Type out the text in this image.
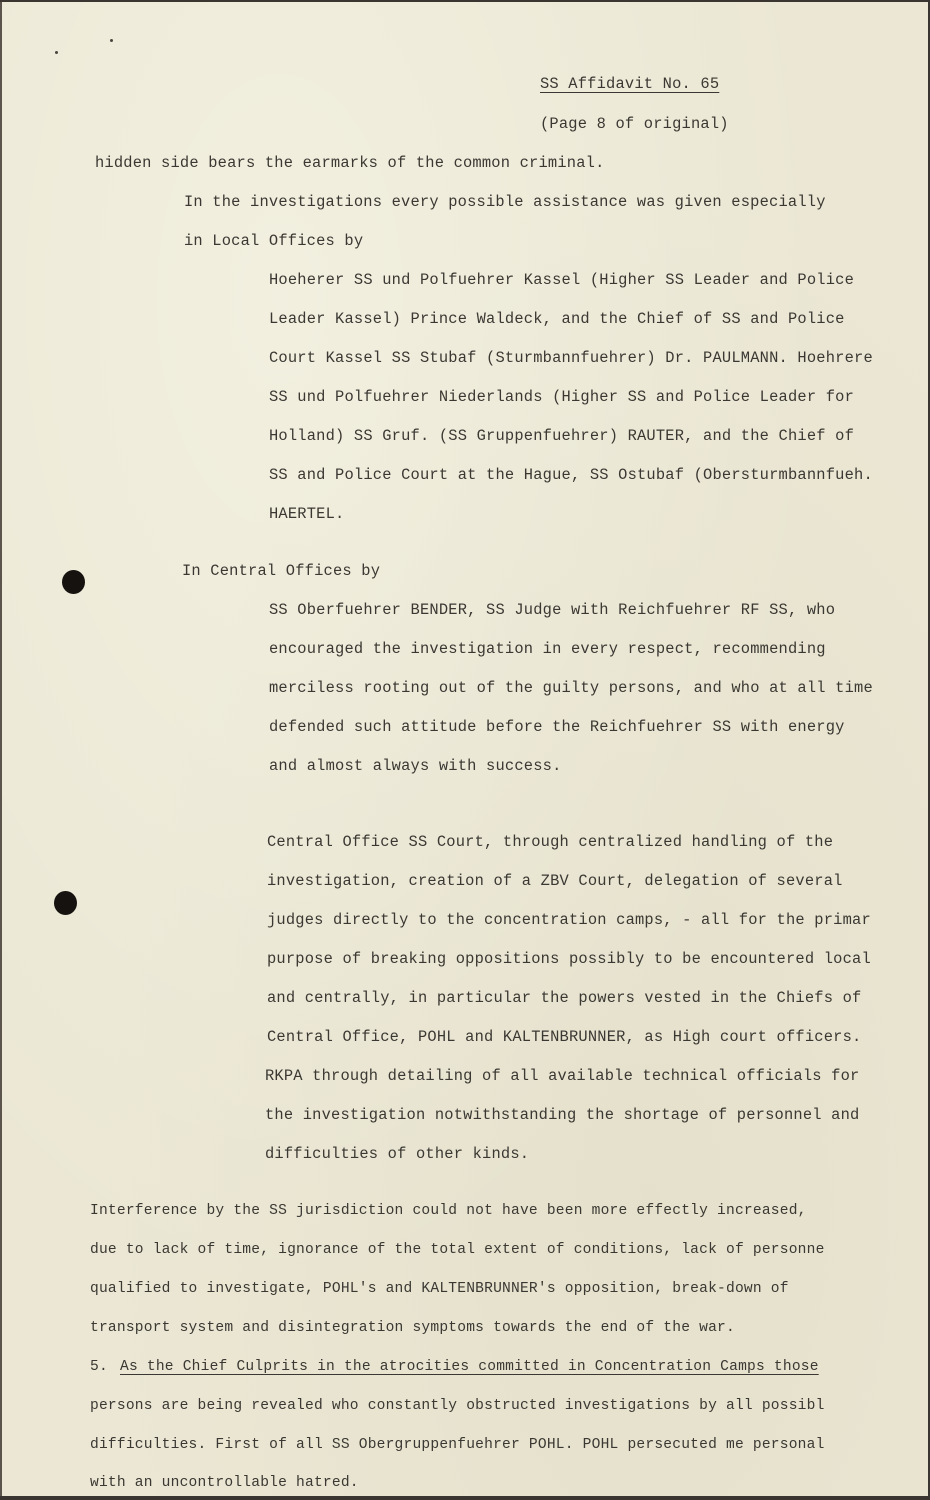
SS Affidavit No. 65
(Page 8 of original)
hidden side bears the earmarks of the common criminal.
In the investigations every possible assistance was given especially
in Local Offices by
Hoeherer SS und Polfuehrer Kassel (Higher SS Leader and Police
Leader Kassel) Prince Waldeck, and the Chief of SS and Police
Court Kassel SS Stubaf (Sturmbannfuehrer) Dr. PAULMANN. Hoehrere
SS und Polfuehrer Niederlands (Higher SS and Police Leader for
Holland) SS Gruf. (SS Gruppenfuehrer) RAUTER, and the Chief of
SS and Police Court at the Hague, SS Ostubaf (Obersturmbannfueh.
HAERTEL.
In Central Offices by
SS Oberfuehrer BENDER, SS Judge with Reichfuehrer RF SS, who
encouraged the investigation in every respect, recommending
merciless rooting out of the guilty persons, and who at all time
defended such attitude before the Reichfuehrer SS with energy
and almost always with success.
Central Office SS Court, through centralized handling of the
investigation, creation of a ZBV Court, delegation of several
judges directly to the concentration camps, - all for the primar
purpose of breaking oppositions possibly to be encountered local
and centrally, in particular the powers vested in the Chiefs of
Central Office, POHL and KALTENBRUNNER, as High court officers.
RKPA through detailing of all available technical officials for
the investigation notwithstanding the shortage of personnel and
difficulties of other kinds.
Interference by the SS jurisdiction could not have been more effectly increased,
due to lack of time, ignorance of the total extent of conditions, lack of personne
qualified to investigate, POHL's and KALTENBRUNNER's opposition, break-down of
transport system and disintegration symptoms towards the end of the war.
5. As the Chief Culprits in the atrocities committed in Concentration Camps those
persons are being revealed who constantly obstructed investigations by all possibl
difficulties. First of all SS Obergruppenfuehrer POHL. POHL persecuted me personal
with an uncontrollable hatred.
